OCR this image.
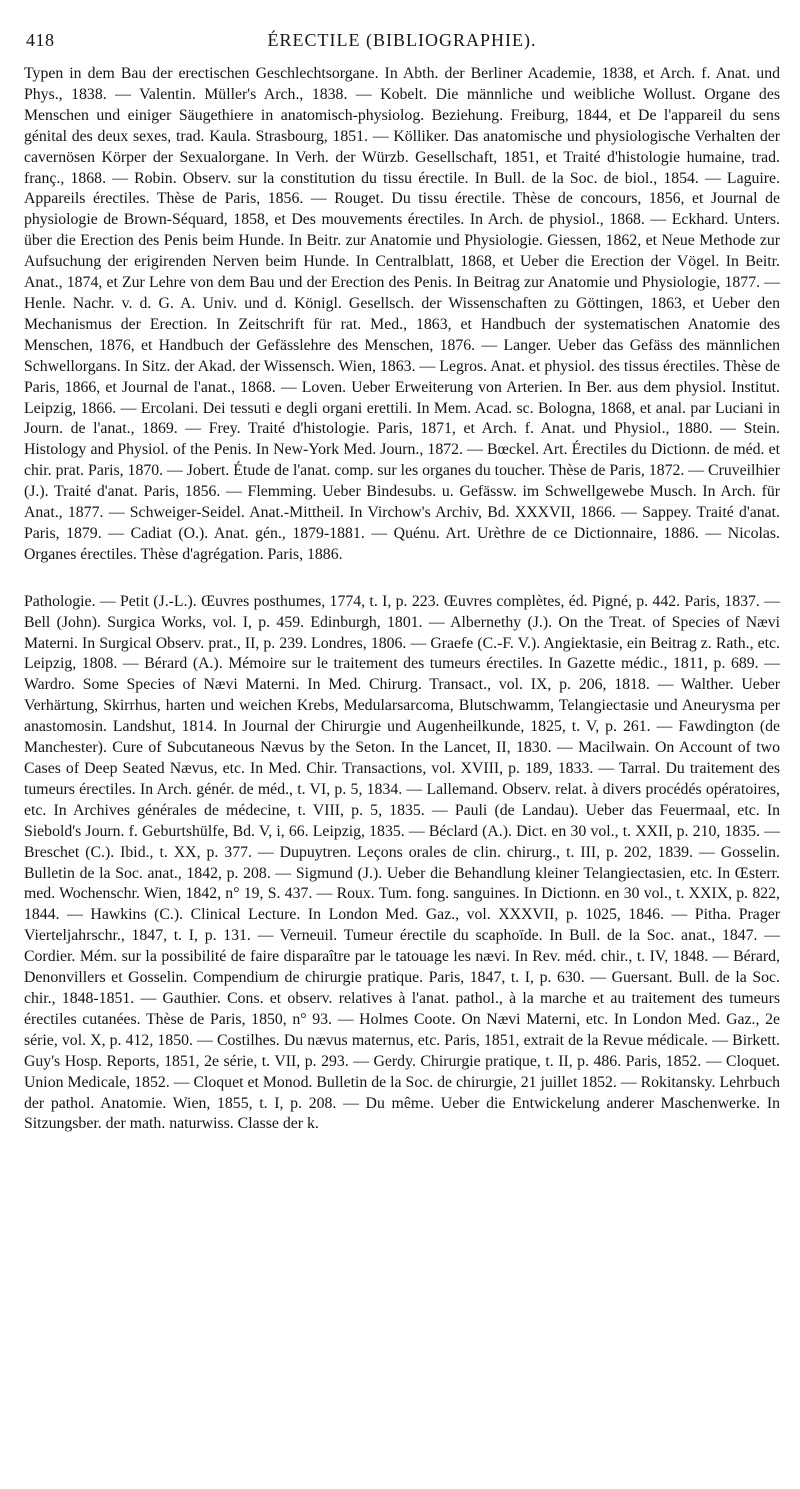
418	ÉRECTILE (BIBLIOGRAPHIE).

Typen in dem Bau der erectischen Geschlechtsorgane. In Abth. der Berliner Academie, 1838, et Arch. f. Anat. und Phys., 1838. — Valentin. Müller's Arch., 1838. — Kobelt. Die männliche und weibliche Wollust. Organe des Menschen und einiger Säugethiere in anatomisch-physiolog. Beziehung. Freiburg, 1844, et De l'appareil du sens génital des deux sexes, trad. Kaula. Strasbourg, 1851. — Kölliker. Das anatomische und physiologische Verhalten der cavernösen Körper der Sexualorgane. In Verh. der Würzb. Gesellschaft, 1851, et Traité d'histologie humaine, trad. franç., 1868. — Robin. Observ. sur la constitution du tissu érectile. In Bull. de la Soc. de biol., 1854. — Laguire. Appareils érectiles. Thèse de Paris, 1856. — Rouget. Du tissu érectile. Thèse de concours, 1856, et Journal de physiologie de Brown-Séquard, 1858, et Des mouvements érectiles. In Arch. de physiol., 1868. — Eckhard. Unters. über die Erection des Penis beim Hunde. In Beitr. zur Anatomie und Physiologie. Giessen, 1862, et Neue Methode zur Aufsuchung der erigirenden Nerven beim Hunde. In Centralblatt, 1868, et Ueber die Erection der Vögel. In Beitr. Anat., 1874, et Zur Lehre von dem Bau und der Erection des Penis. In Beitrag zur Anatomie und Physiologie, 1877. — Henle. Nachr. v. d. G. A. Univ. und d. Königl. Gesellsch. der Wissenschaften zu Göttingen, 1863, et Ueber den Mechanismus der Erection. In Zeitschrift für rat. Med., 1863, et Handbuch der systematischen Anatomie des Menschen, 1876, et Handbuch der Gefässlehre des Menschen, 1876. — Langer. Ueber das Gefäss des männlichen Schwellorgans. In Sitz. der Akad. der Wissensch. Wien, 1863. — Legros. Anat. et physiol. des tissus érectiles. Thèse de Paris, 1866, et Journal de l'anat., 1868. — Loven. Ueber Erweiterung von Arterien. In Ber. aus dem physiol. Institut. Leipzig, 1866. — Ercolani. Dei tessuti e degli organi erettili. In Mem. Acad. sc. Bologna, 1868, et anal. par Luciani in Journ. de l'anat., 1869. — Frey. Traité d'histologie. Paris, 1871, et Arch. f. Anat. und Physiol., 1880. — Stein. Histology and Physiol. of the Penis. In New-York Med. Journ., 1872. — Bœckel. Art. Érectiles du Dictionn. de méd. et chir. prat. Paris, 1870. — Jobert. Étude de l'anat. comp. sur les organes du toucher. Thèse de Paris, 1872. — Cruveilhier (J.). Traité d'anat. Paris, 1856. — Flemming. Ueber Bindesubs. u. Gefässw. im Schwellgewebe Musch. In Arch. für Anat., 1877. — Schweiger-Seidel. Anat.-Mittheil. In Virchow's Archiv, Bd. XXXVII, 1866. — Sappey. Traité d'anat. Paris, 1879. — Cadiat (O.). Anat. gén., 1879-1881. — Quénu. Art. Urèthre de ce Dictionnaire, 1886. — Nicolas. Organes érectiles. Thèse d'agrégation. Paris, 1886.

Pathologie. — Petit (J.-L.). Œuvres posthumes, 1774, t. I, p. 223. Œuvres complètes, éd. Pigné, p. 442. Paris, 1837. — Bell (John). Surgica Works, vol. I, p. 459. Edinburgh, 1801. — Albernethy (J.). On the Treat. of Species of Nævi Materni. In Surgical Observ. prat., II, p. 239. Londres, 1806. — Graefe (C.-F. V.). Angiektasie, ein Beitrag z. Rath., etc. Leipzig, 1808. — Bérard (A.). Mémoire sur le traitement des tumeurs érectiles. In Gazette médic., 1811, p. 689. — Wardro. Some Species of Nævi Materni. In Med. Chirurg. Transact., vol. IX, p. 206, 1818. — Walther. Ueber Verhärtung, Skirrhus, harten und weichen Krebs, Medularsarcoma, Blutschwamm, Telangiectasie und Aneurysma per anastomosin. Landshut, 1814. In Journal der Chirurgie und Augenheilkunde, 1825, t. V, p. 261. — Fawdington (de Manchester). Cure of Subcutaneous Nævus by the Seton. In the Lancet, II, 1830. — Macilwain. On Account of two Cases of Deep Seated Nævus, etc. In Med. Chir. Transactions, vol. XVIII, p. 189, 1833. — Tarral. Du traitement des tumeurs érectiles. In Arch. génér. de méd., t. VI, p. 5, 1834. — Lallemand. Observ. relat. à divers procédés opératoires, etc. In Archives générales de médecine, t. VIII, p. 5, 1835. — Pauli (de Landau). Ueber das Feuermaal, etc. In Siebold's Journ. f. Geburtshülfe, Bd. V, i, 66. Leipzig, 1835. — Béclard (A.). Dict. en 30 vol., t. XXII, p. 210, 1835. — Breschet (C.). Ibid., t. XX, p. 377. — Dupuytren. Leçons orales de clin. chirurg., t. III, p. 202, 1839. — Gosselin. Bulletin de la Soc. anat., 1842, p. 208. — Sigmund (J.). Ueber die Behandlung kleiner Telangiectasien, etc. In Œsterr. med. Wochenschr. Wien, 1842, n° 19, S. 437. — Roux. Tum. fong. sanguines. In Dictionn. en 30 vol., t. XXIX, p. 822, 1844. — Hawkins (C.). Clinical Lecture. In London Med. Gaz., vol. XXXVII, p. 1025, 1846. — Pitha. Prager Vierteljahrschr., 1847, t. I, p. 131. — Verneuil. Tumeur érectile du scaphoïde. In Bull. de la Soc. anat., 1847. — Cordier. Mém. sur la possibilité de faire disparaître par le tatouage les nævi. In Rev. méd. chir., t. IV, 1848. — Bérard, Denonvillers et Gosselin. Compendium de chirurgie pratique. Paris, 1847, t. I, p. 630. — Guersant. Bull. de la Soc. chir., 1848-1851. — Gauthier. Cons. et observ. relatives à l'anat. pathol., à la marche et au traitement des tumeurs érectiles cutanées. Thèse de Paris, 1850, n° 93. — Holmes Coote. On Nævi Materni, etc. In London Med. Gaz., 2e série, vol. X, p. 412, 1850. — Costilhes. Du nævus maternus, etc. Paris, 1851, extrait de la Revue médicale. — Birkett. Guy's Hosp. Reports, 1851, 2e série, t. VII, p. 293. — Gerdy. Chirurgie pratique, t. II, p. 486. Paris, 1852. — Cloquet. Union Medicale, 1852. — Cloquet et Monod. Bulletin de la Soc. de chirurgie, 21 juillet 1852. — Rokitansky. Lehrbuch der pathol. Anatomie. Wien, 1855, t. I, p. 208. — Du même. Ueber die Entwickelung anderer Maschenwerke. In Sitzungsber. der math. naturwiss. Classe der k.
